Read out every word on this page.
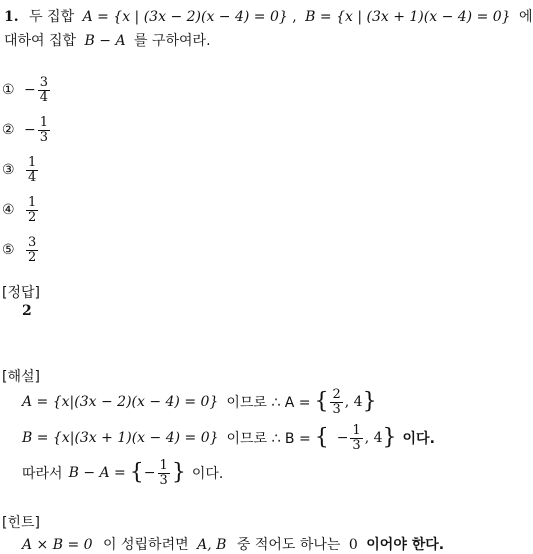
1. 두 집합 A = {x | (3x − 2)(x − 4) = 0} , B = {x | (3x + 1)(x − 4) = 0} 에
대하여 집합 B − A 를 구하여라.
① − $\frac{3}{4}$
② − $\frac{1}{3}$
③ $\frac{1}{4}$
④ $\frac{1}{2}$
⑤ $\frac{3}{2}$
[정답]
2
[해설]
A = {x|(3x − 2)(x − 4) = 0} 이므로 ∴ A = { $\frac{2}{3}$ , 4 }
B = {x|(3x + 1)(x − 4) = 0} 이므로 ∴ B = { − $\frac{1}{3}$ , 4 } 이다.
따라서 B − A = { − $\frac{1}{3}$ } 이다.
[힌트]
A × B = 0 이 성립하려면 A, B 중 적어도 하나는 0 이어야 한다.
